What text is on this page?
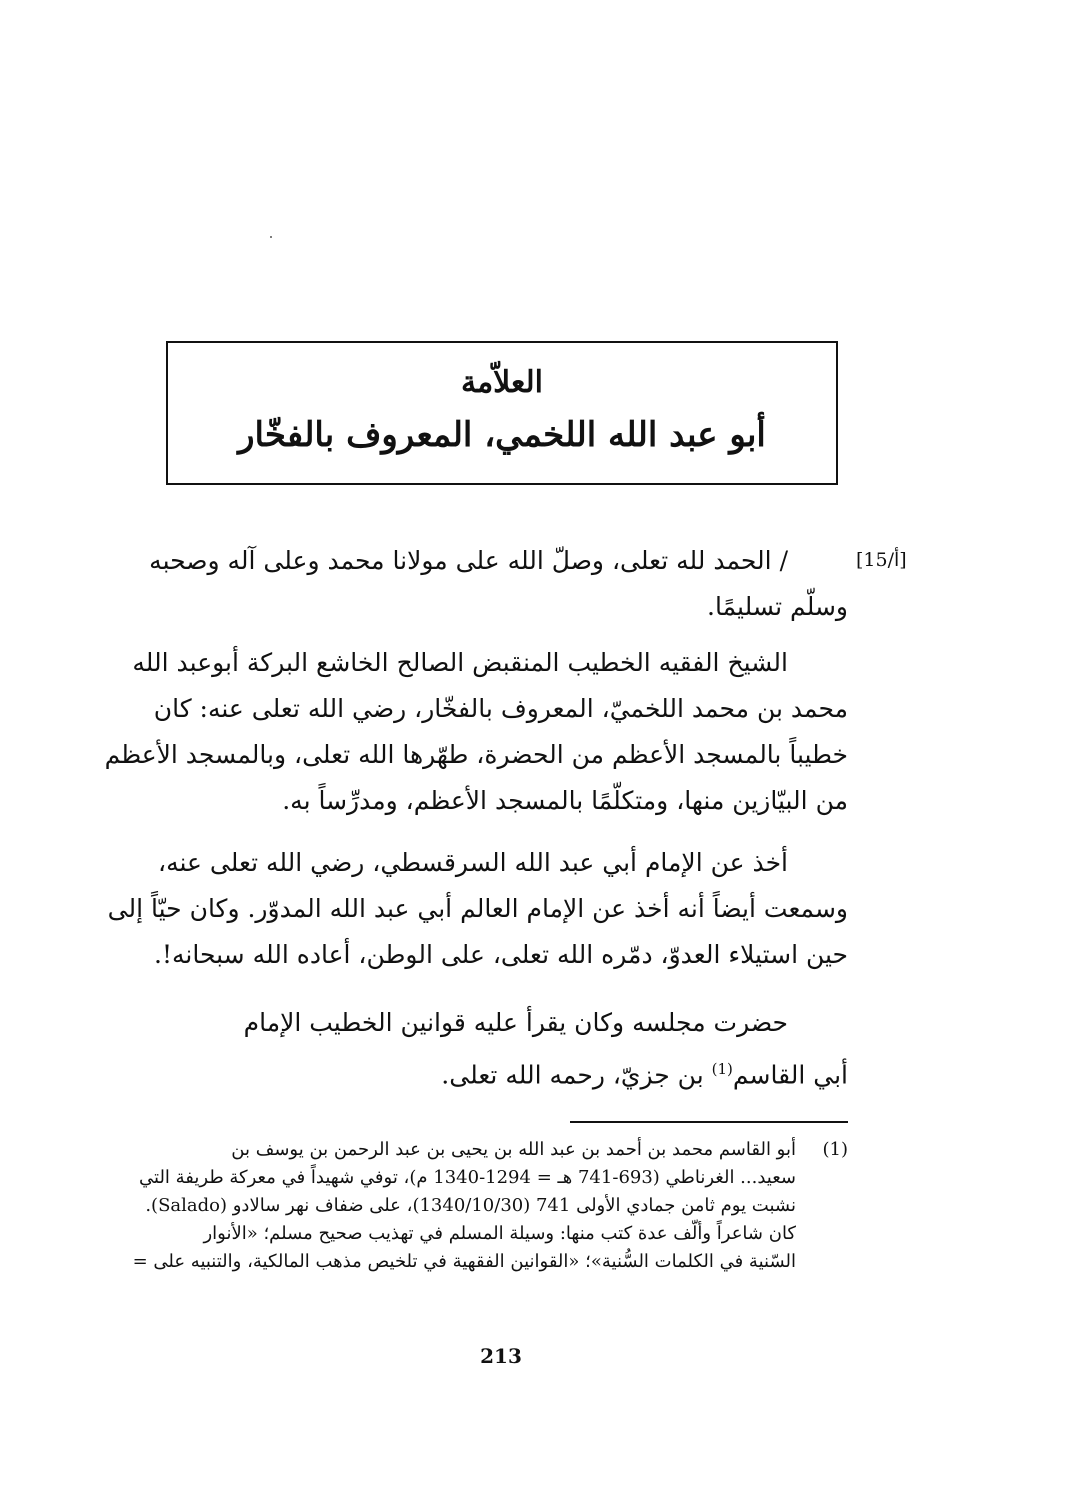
العلاّمة
أبو عبد الله اللخمي، المعروف بالفخّار
[15/أ]
/ الحمد لله تعلى، وصلّ الله على مولانا محمد وعلى آله وصحبه
وسلّم تسليمًا.
الشيخ الفقيه الخطيب المنقبض الصالح الخاشع البركة أبوعبد الله
محمد بن محمد اللخميّ، المعروف بالفخّار، رضي الله تعلى عنه: كان
خطيباً بالمسجد الأعظم من الحضرة، طهّرها الله تعلى، وبالمسجد الأعظم
من البيّازين منها، ومتكلّمًا بالمسجد الأعظم، ومدرِّساً به.
أخذ عن الإمام أبي عبد الله السرقسطي، رضي الله تعلى عنه،
وسمعت أيضاً أنه أخذ عن الإمام العالم أبي عبد الله المدوّر. وكان حيّاً إلى
حين استيلاء العدوّ، دمّره الله تعلى، على الوطن، أعاده الله سبحانه!.
حضرت مجلسه وكان يقرأ عليه قوانين الخطيب الإمام
أبي القاسم$^{(1)}$ بن جزيّ، رحمه الله تعلى.
(1)
أبو القاسم محمد بن أحمد بن عبد الله بن يحيى بن عبد الرحمن بن يوسف بن
سعيد... الغرناطي (693-741 هـ = 1294-1340 م)، توفي شهيداً في معركة طريفة التي
نشبت يوم ثامن جمادي الأولى 741 (1340/10/30)، على ضفاف نهر سالادو (Salado).
كان شاعراً وألّف عدة كتب منها: وسيلة المسلم في تهذيب صحيح مسلم؛ «الأنوار
السّنية في الكلمات السُّنية»؛ «القوانين الفقهية في تلخيص مذهب المالكية، والتنبيه على =
213
